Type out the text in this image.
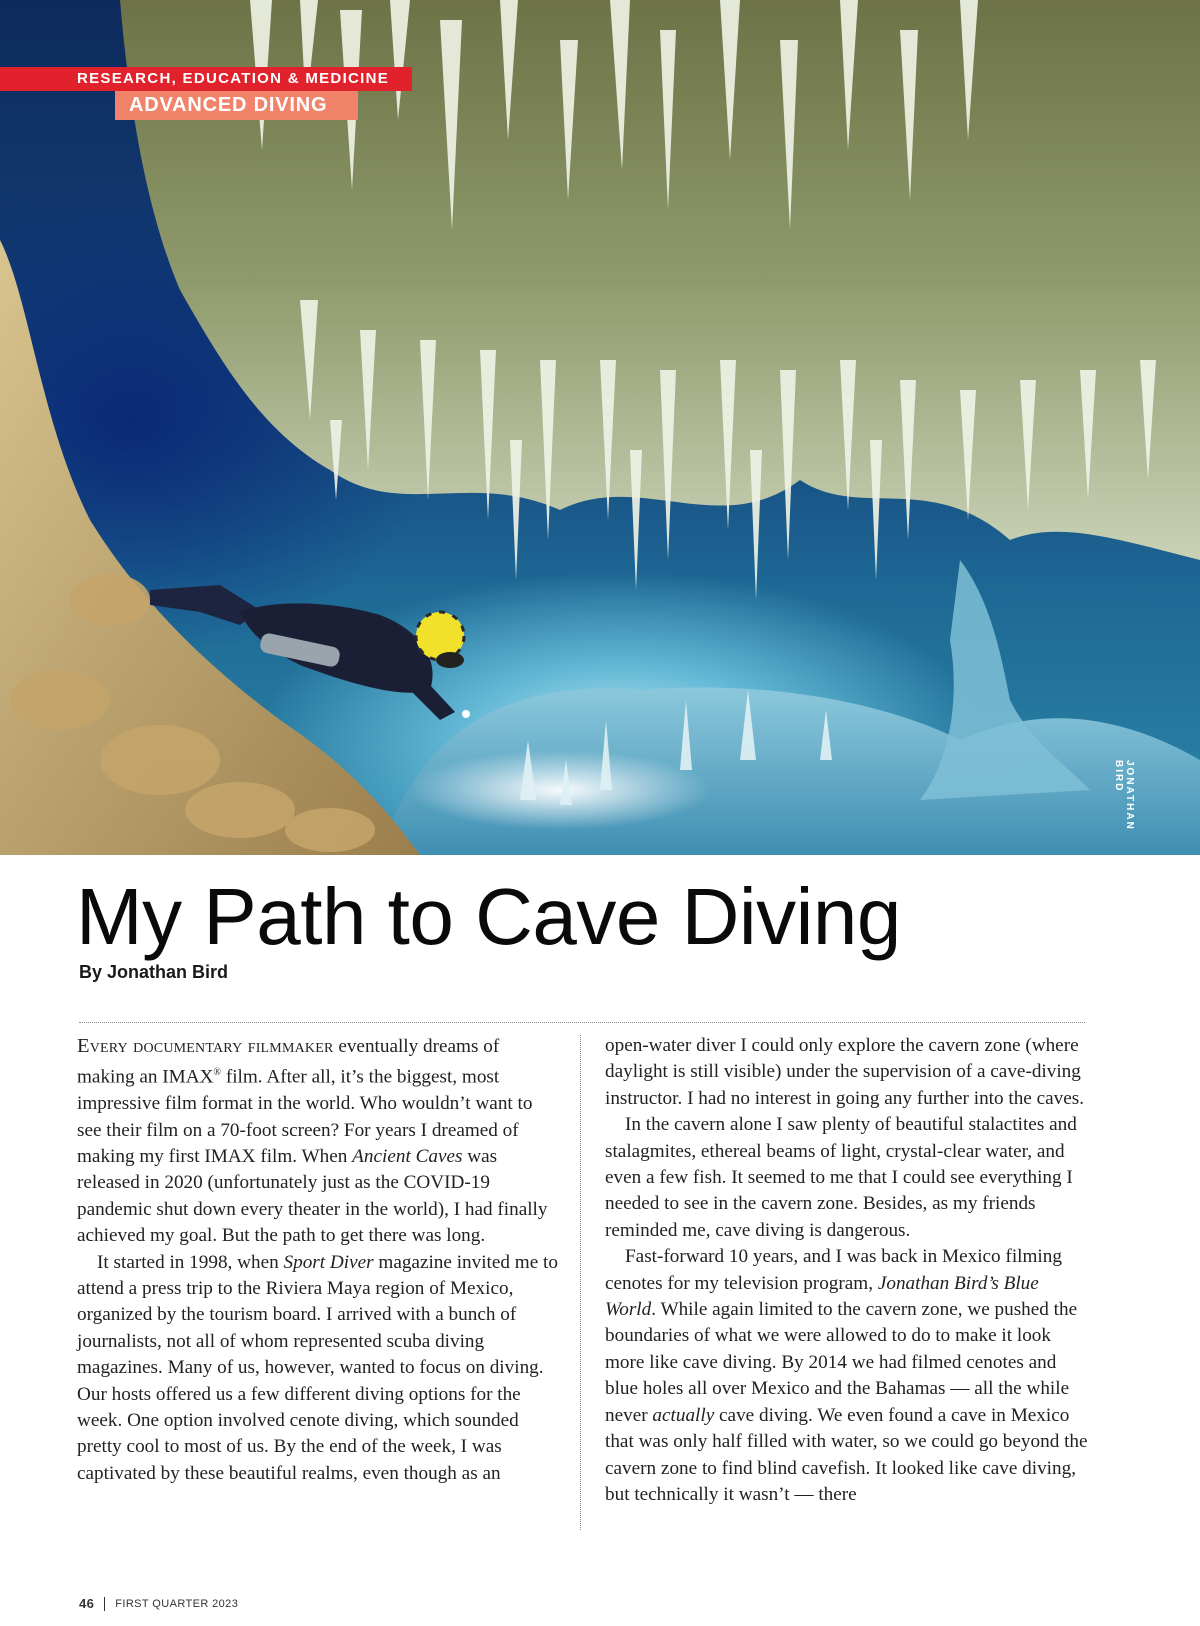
RESEARCH, EDUCATION & MEDICINE
ADVANCED DIVING
JONATHAN BIRD
My Path to Cave Diving
By Jonathan Bird

Every documentary filmmaker eventually dreams of making an IMAX® film. After all, it’s the biggest, most impressive film format in the world. Who wouldn’t want to see their film on a 70-foot screen? For years I dreamed of making my first IMAX film. When Ancient Caves was released in 2020 (unfortunately just as the COVID-19 pandemic shut down every theater in the world), I had finally achieved my goal. But the path to get there was long.

It started in 1998, when Sport Diver magazine invited me to attend a press trip to the Riviera Maya region of Mexico, organized by the tourism board. I arrived with a bunch of journalists, not all of whom represented scuba diving magazines. Many of us, however, wanted to focus on diving. Our hosts offered us a few different diving options for the week. One option involved cenote diving, which sounded pretty cool to most of us. By the end of the week, I was captivated by these beautiful realms, even though as an

open-water diver I could only explore the cavern zone (where daylight is still visible) under the supervision of a cave-diving instructor. I had no interest in going any further into the caves.

In the cavern alone I saw plenty of beautiful stalactites and stalagmites, ethereal beams of light, crystal-clear water, and even a few fish. It seemed to me that I could see everything I needed to see in the cavern zone. Besides, as my friends reminded me, cave diving is dangerous.

Fast-forward 10 years, and I was back in Mexico filming cenotes for my television program, Jonathan Bird’s Blue World. While again limited to the cavern zone, we pushed the boundaries of what we were allowed to do to make it look more like cave diving. By 2014 we had filmed cenotes and blue holes all over Mexico and the Bahamas — all the while never actually cave diving. We even found a cave in Mexico that was only half filled with water, so we could go beyond the cavern zone to find blind cavefish. It looked like cave diving, but technically it wasn’t — there

46 FIRST QUARTER 2023
